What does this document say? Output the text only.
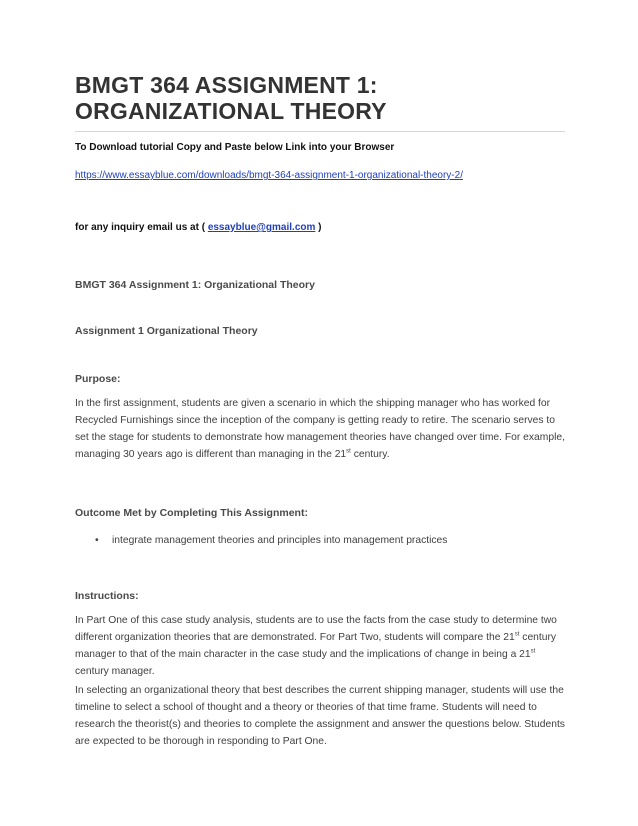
BMGT 364 ASSIGNMENT 1: ORGANIZATIONAL THEORY
To Download tutorial Copy and Paste below Link into your Browser
https://www.essayblue.com/downloads/bmgt-364-assignment-1-organizational-theory-2/
for any inquiry email us at ( essayblue@gmail.com )
BMGT 364 Assignment 1: Organizational Theory
Assignment 1 Organizational Theory
Purpose:
In the first assignment, students are given a scenario in which the shipping manager who has worked for Recycled Furnishings since the inception of the company is getting ready to retire. The scenario serves to set the stage for students to demonstrate how management theories have changed over time. For example, managing 30 years ago is different than managing in the 21st century.
Outcome Met by Completing This Assignment:
• integrate management theories and principles into management practices
Instructions:
In Part One of this case study analysis, students are to use the facts from the case study to determine two different organization theories that are demonstrated. For Part Two, students will compare the 21st century manager to that of the main character in the case study and the implications of change in being a 21st century manager.
In selecting an organizational theory that best describes the current shipping manager, students will use the timeline to select a school of thought and a theory or theories of that time frame. Students will need to research the theorist(s) and theories to complete the assignment and answer the questions below. Students are expected to be thorough in responding to Part One.
